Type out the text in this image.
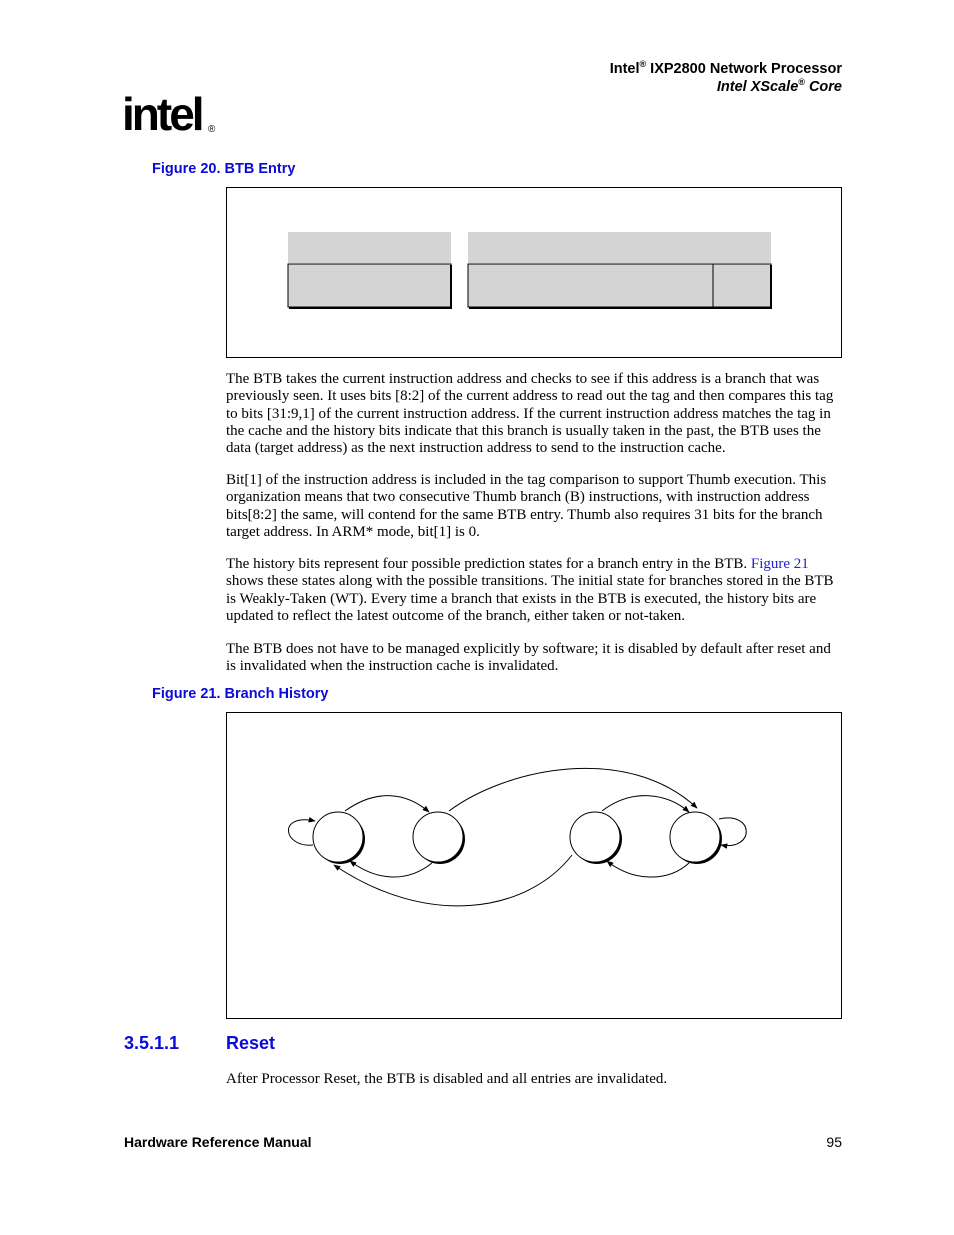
Intel® IXP2800 Network Processor
Intel XScale® Core
intel ®
Figure 20. BTB Entry

The BTB takes the current instruction address and checks to see if this address is a branch that was previously seen. It uses bits [8:2] of the current address to read out the tag and then compares this tag to bits [31:9,1] of the current instruction address. If the current instruction address matches the tag in the cache and the history bits indicate that this branch is usually taken in the past, the BTB uses the data (target address) as the next instruction address to send to the instruction cache.

Bit[1] of the instruction address is included in the tag comparison to support Thumb execution. This organization means that two consecutive Thumb branch (B) instructions, with instruction address bits[8:2] the same, will contend for the same BTB entry. Thumb also requires 31 bits for the branch target address. In ARM* mode, bit[1] is 0.

The history bits represent four possible prediction states for a branch entry in the BTB. Figure 21 shows these states along with the possible transitions. The initial state for branches stored in the BTB is Weakly-Taken (WT). Every time a branch that exists in the BTB is executed, the history bits are updated to reflect the latest outcome of the branch, either taken or not-taken.

The BTB does not have to be managed explicitly by software; it is disabled by default after reset and is invalidated when the instruction cache is invalidated.

Figure 21. Branch History
3.5.1.1	Reset

After Processor Reset, the BTB is disabled and all entries are invalidated.

Hardware Reference Manual	95
